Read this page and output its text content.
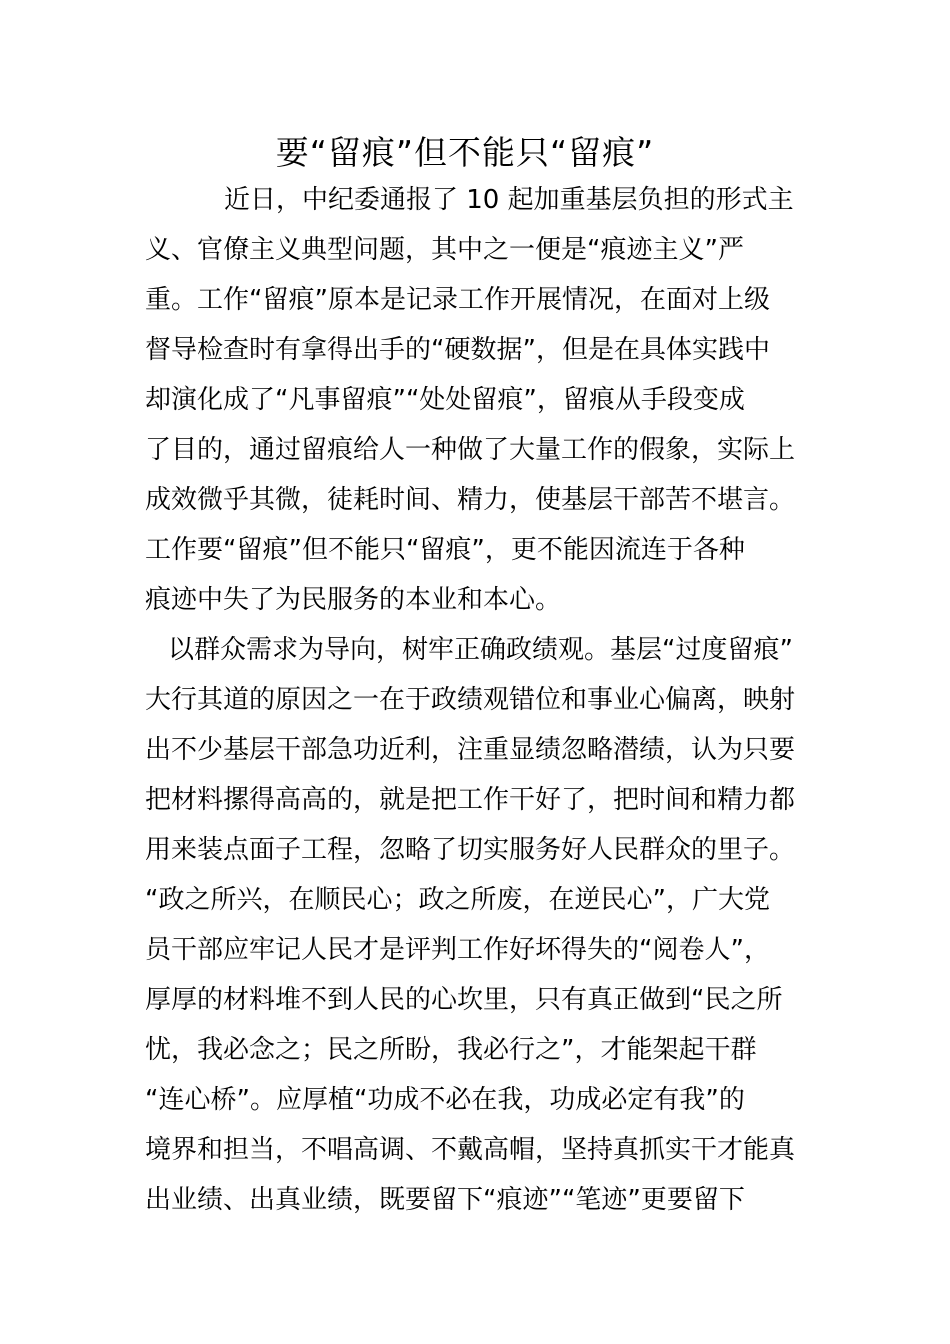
要“留痕”但不能只“留痕”

近日，中纪委通报了 10 起加重基层负担的形式主

义、官僚主义典型问题，其中之一便是“痕迹主义”严

重。工作“留痕”原本是记录工作开展情况，在面对上级

督导检查时有拿得出手的“硬数据”，但是在具体实践中

却演化成了“凡事留痕”“处处留痕”，留痕从手段变成

了目的，通过留痕给人一种做了大量工作的假象，实际上

成效微乎其微，徒耗时间、精力，使基层干部苦不堪言。

工作要“留痕”但不能只“留痕”，更不能因流连于各种

痕迹中失了为民服务的本业和本心。

以群众需求为导向，树牢正确政绩观。基层“过度留痕”

大行其道的原因之一在于政绩观错位和事业心偏离，映射

出不少基层干部急功近利，注重显绩忽略潜绩，认为只要

把材料摞得高高的，就是把工作干好了，把时间和精力都

用来装点面子工程，忽略了切实服务好人民群众的里子。

“政之所兴，在顺民心；政之所废，在逆民心”，广大党

员干部应牢记人民才是评判工作好坏得失的“阅卷人”，

厚厚的材料堆不到人民的心坎里，只有真正做到“民之所

忧，我必念之；民之所盼，我必行之”，才能架起干群

“连心桥”。应厚植“功成不必在我，功成必定有我”的

境界和担当，不唱高调、不戴高帽，坚持真抓实干才能真

出业绩、出真业绩，既要留下“痕迹”“笔迹”更要留下
